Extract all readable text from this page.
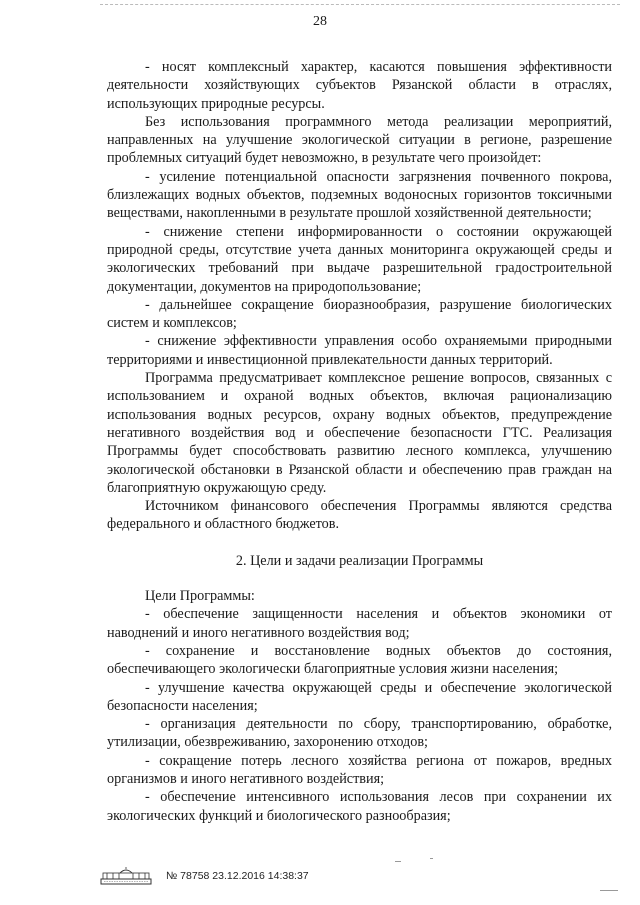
28

- носят комплексный характер, касаются повышения эффективности деятельности хозяйствующих субъектов Рязанской области в отраслях, использующих природные ресурсы.

Без использования программного метода реализации мероприятий, направленных на улучшение экологической ситуации в регионе, разрешение проблемных ситуаций будет невозможно, в результате чего произойдет:

- усиление потенциальной опасности загрязнения почвенного покрова, близлежащих водных объектов, подземных водоносных горизонтов токсичными веществами, накопленными в результате прошлой хозяйственной деятельности;

- снижение степени информированности о состоянии окружающей природной среды, отсутствие учета данных мониторинга окружающей среды и экологических требований при выдаче разрешительной градостроительной документации, документов на природопользование;

- дальнейшее сокращение биоразнообразия, разрушение биологических систем и комплексов;

- снижение эффективности управления особо охраняемыми природными территориями и инвестиционной привлекательности данных территорий.

Программа предусматривает комплексное решение вопросов, связанных с использованием и охраной водных объектов, включая рационализацию использования водных ресурсов, охрану водных объектов, предупреждение негативного воздействия вод и обеспечение безопасности ГТС. Реализация Программы будет способствовать развитию лесного комплекса, улучшению экологической обстановки в Рязанской области и обеспечению прав граждан на благоприятную окружающую среду.

Источником финансового обеспечения Программы являются средства федерального и областного бюджетов.

2. Цели и задачи реализации Программы

Цели Программы:

- обеспечение защищенности населения и объектов экономики от наводнений и иного негативного воздействия вод;

- сохранение и восстановление водных объектов до состояния, обеспечивающего экологически благоприятные условия жизни населения;

- улучшение качества окружающей среды и обеспечение экологической безопасности населения;

- организация деятельности по сбору, транспортированию, обработке, утилизации, обезвреживанию, захоронению отходов;

- сокращение потерь лесного хозяйства региона от пожаров, вредных организмов и иного негативного воздействия;

- обеспечение интенсивного использования лесов при сохранении их экологических функций и биологического разнообразия;

№ 78758 23.12.2016 14:38:37
